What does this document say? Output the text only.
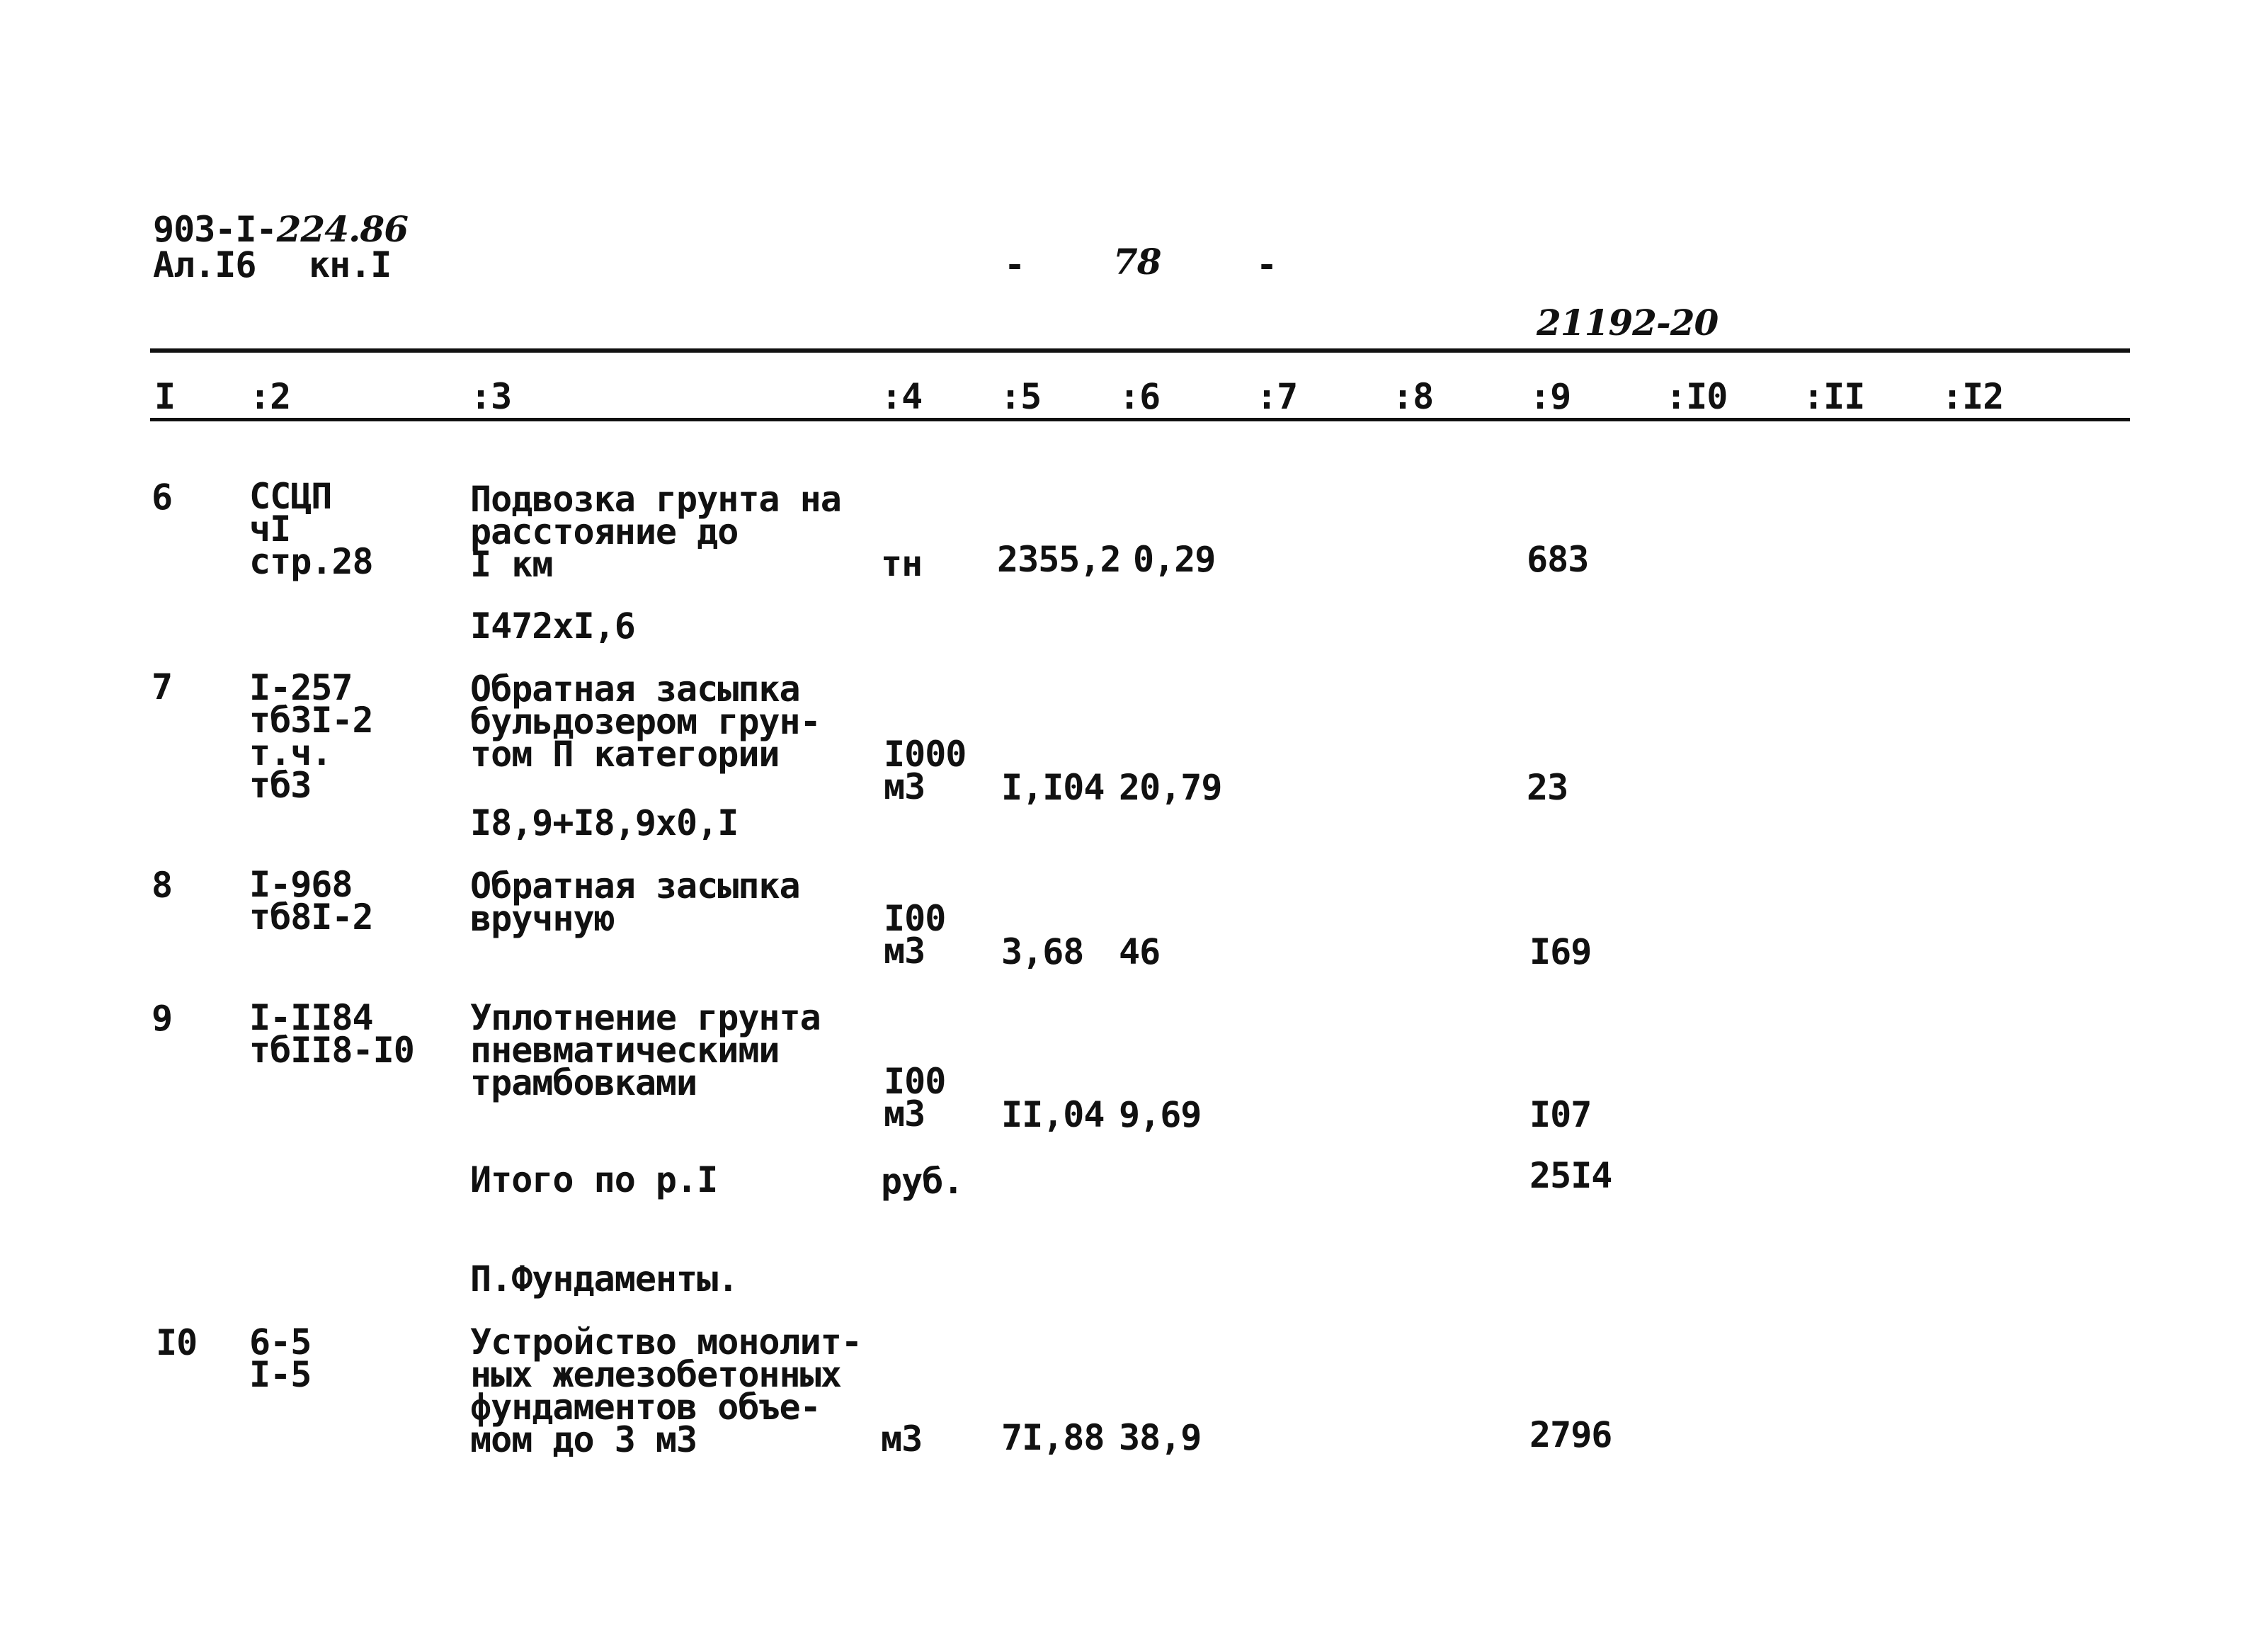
903-I-224.86
Ал.I6 кн.I	- 78	-
21192-20
I :2	:3	:4 :5 :6	:7	:8	:9	:I0 :II :I2
6 ССЦП
чI
стр.28
Подвозка грунта на
расстояние до
I км	тн 2355,2 0,29	683
I472xI,6
7 I-257
тб3I-2
т.ч.
тб3
Обратная засыпка
бульдозером грун-
том П категории	I000
м3	I,I04 20,79	23
I8,9+I8,9x0,I
8 I-968
тб8I-2
Обратная засыпка
вручную	I00
м3	3,68 46	I69
9 I-II84
тбII8-I0
Уплотнение грунта
пневматическими
трамбовками	I00
м3	II,04 9,69	I07
Итого по р.I	руб.	25I4
П.Фундаменты.
I0 6-5
I-5
Устройство монолит-
ных железобетонных
фундаментов объе-
мом до 3 м3	м3 7I,88 38,9	2796
